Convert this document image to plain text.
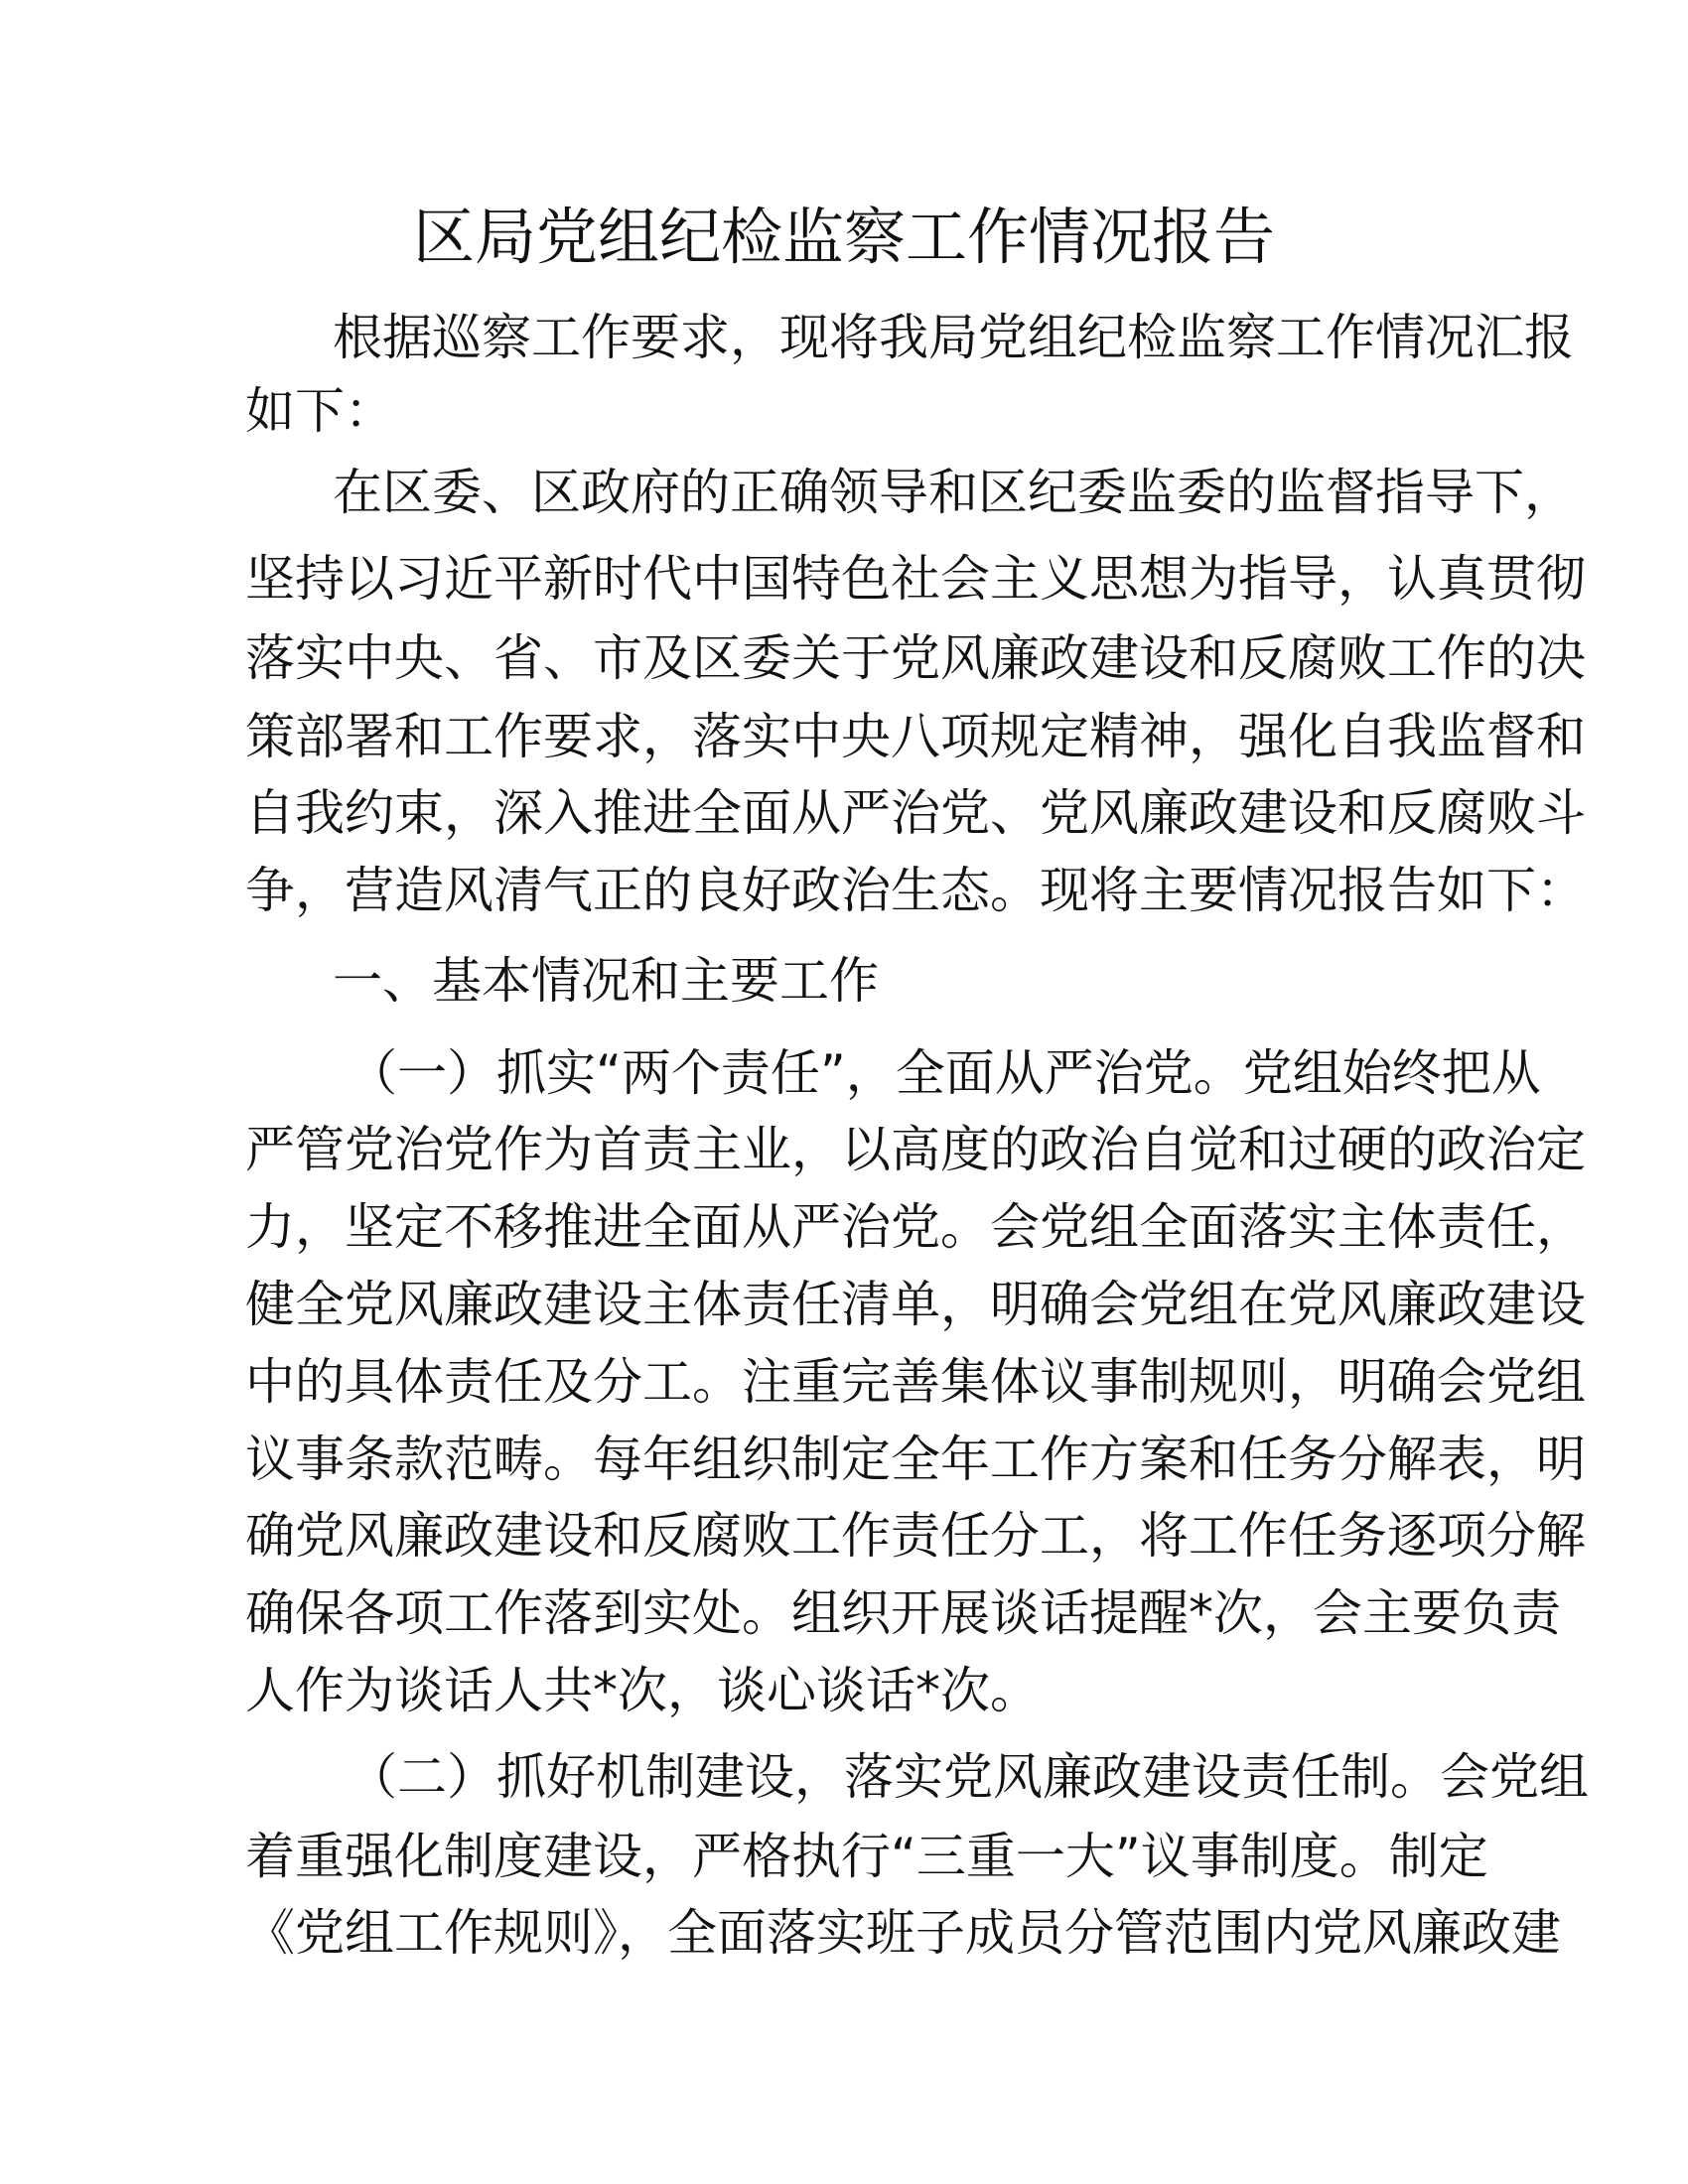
区局党组纪检监察工作情况报告
根据巡察工作要求，现将我局党组纪检监察工作情况汇报
如下：
在区委、区政府的正确领导和区纪委监委的监督指导下，
坚持以习近平新时代中国特色社会主义思想为指导，认真贯彻
落实中央、省、市及区委关于党风廉政建设和反腐败工作的决
策部署和工作要求，落实中央八项规定精神，强化自我监督和
自我约束，深入推进全面从严治党、党风廉政建设和反腐败斗
争，营造风清气正的良好政治生态。现将主要情况报告如下：
一、基本情况和主要工作
（一）抓实“两个责任”，全面从严治党。党组始终把从
严管党治党作为首责主业，以高度的政治自觉和过硬的政治定
力，坚定不移推进全面从严治党。会党组全面落实主体责任，
健全党风廉政建设主体责任清单，明确会党组在党风廉政建设
中的具体责任及分工。注重完善集体议事制规则，明确会党组
议事条款范畴。每年组织制定全年工作方案和任务分解表，明
确党风廉政建设和反腐败工作责任分工，将工作任务逐项分解
确保各项工作落到实处。组织开展谈话提醒*次，会主要负责
人作为谈话人共*次，谈心谈话*次。
（二）抓好机制建设，落实党风廉政建设责任制。会党组
着重强化制度建设，严格执行“三重一大”议事制度。制定
《党组工作规则》，全面落实班子成员分管范围内党风廉政建
